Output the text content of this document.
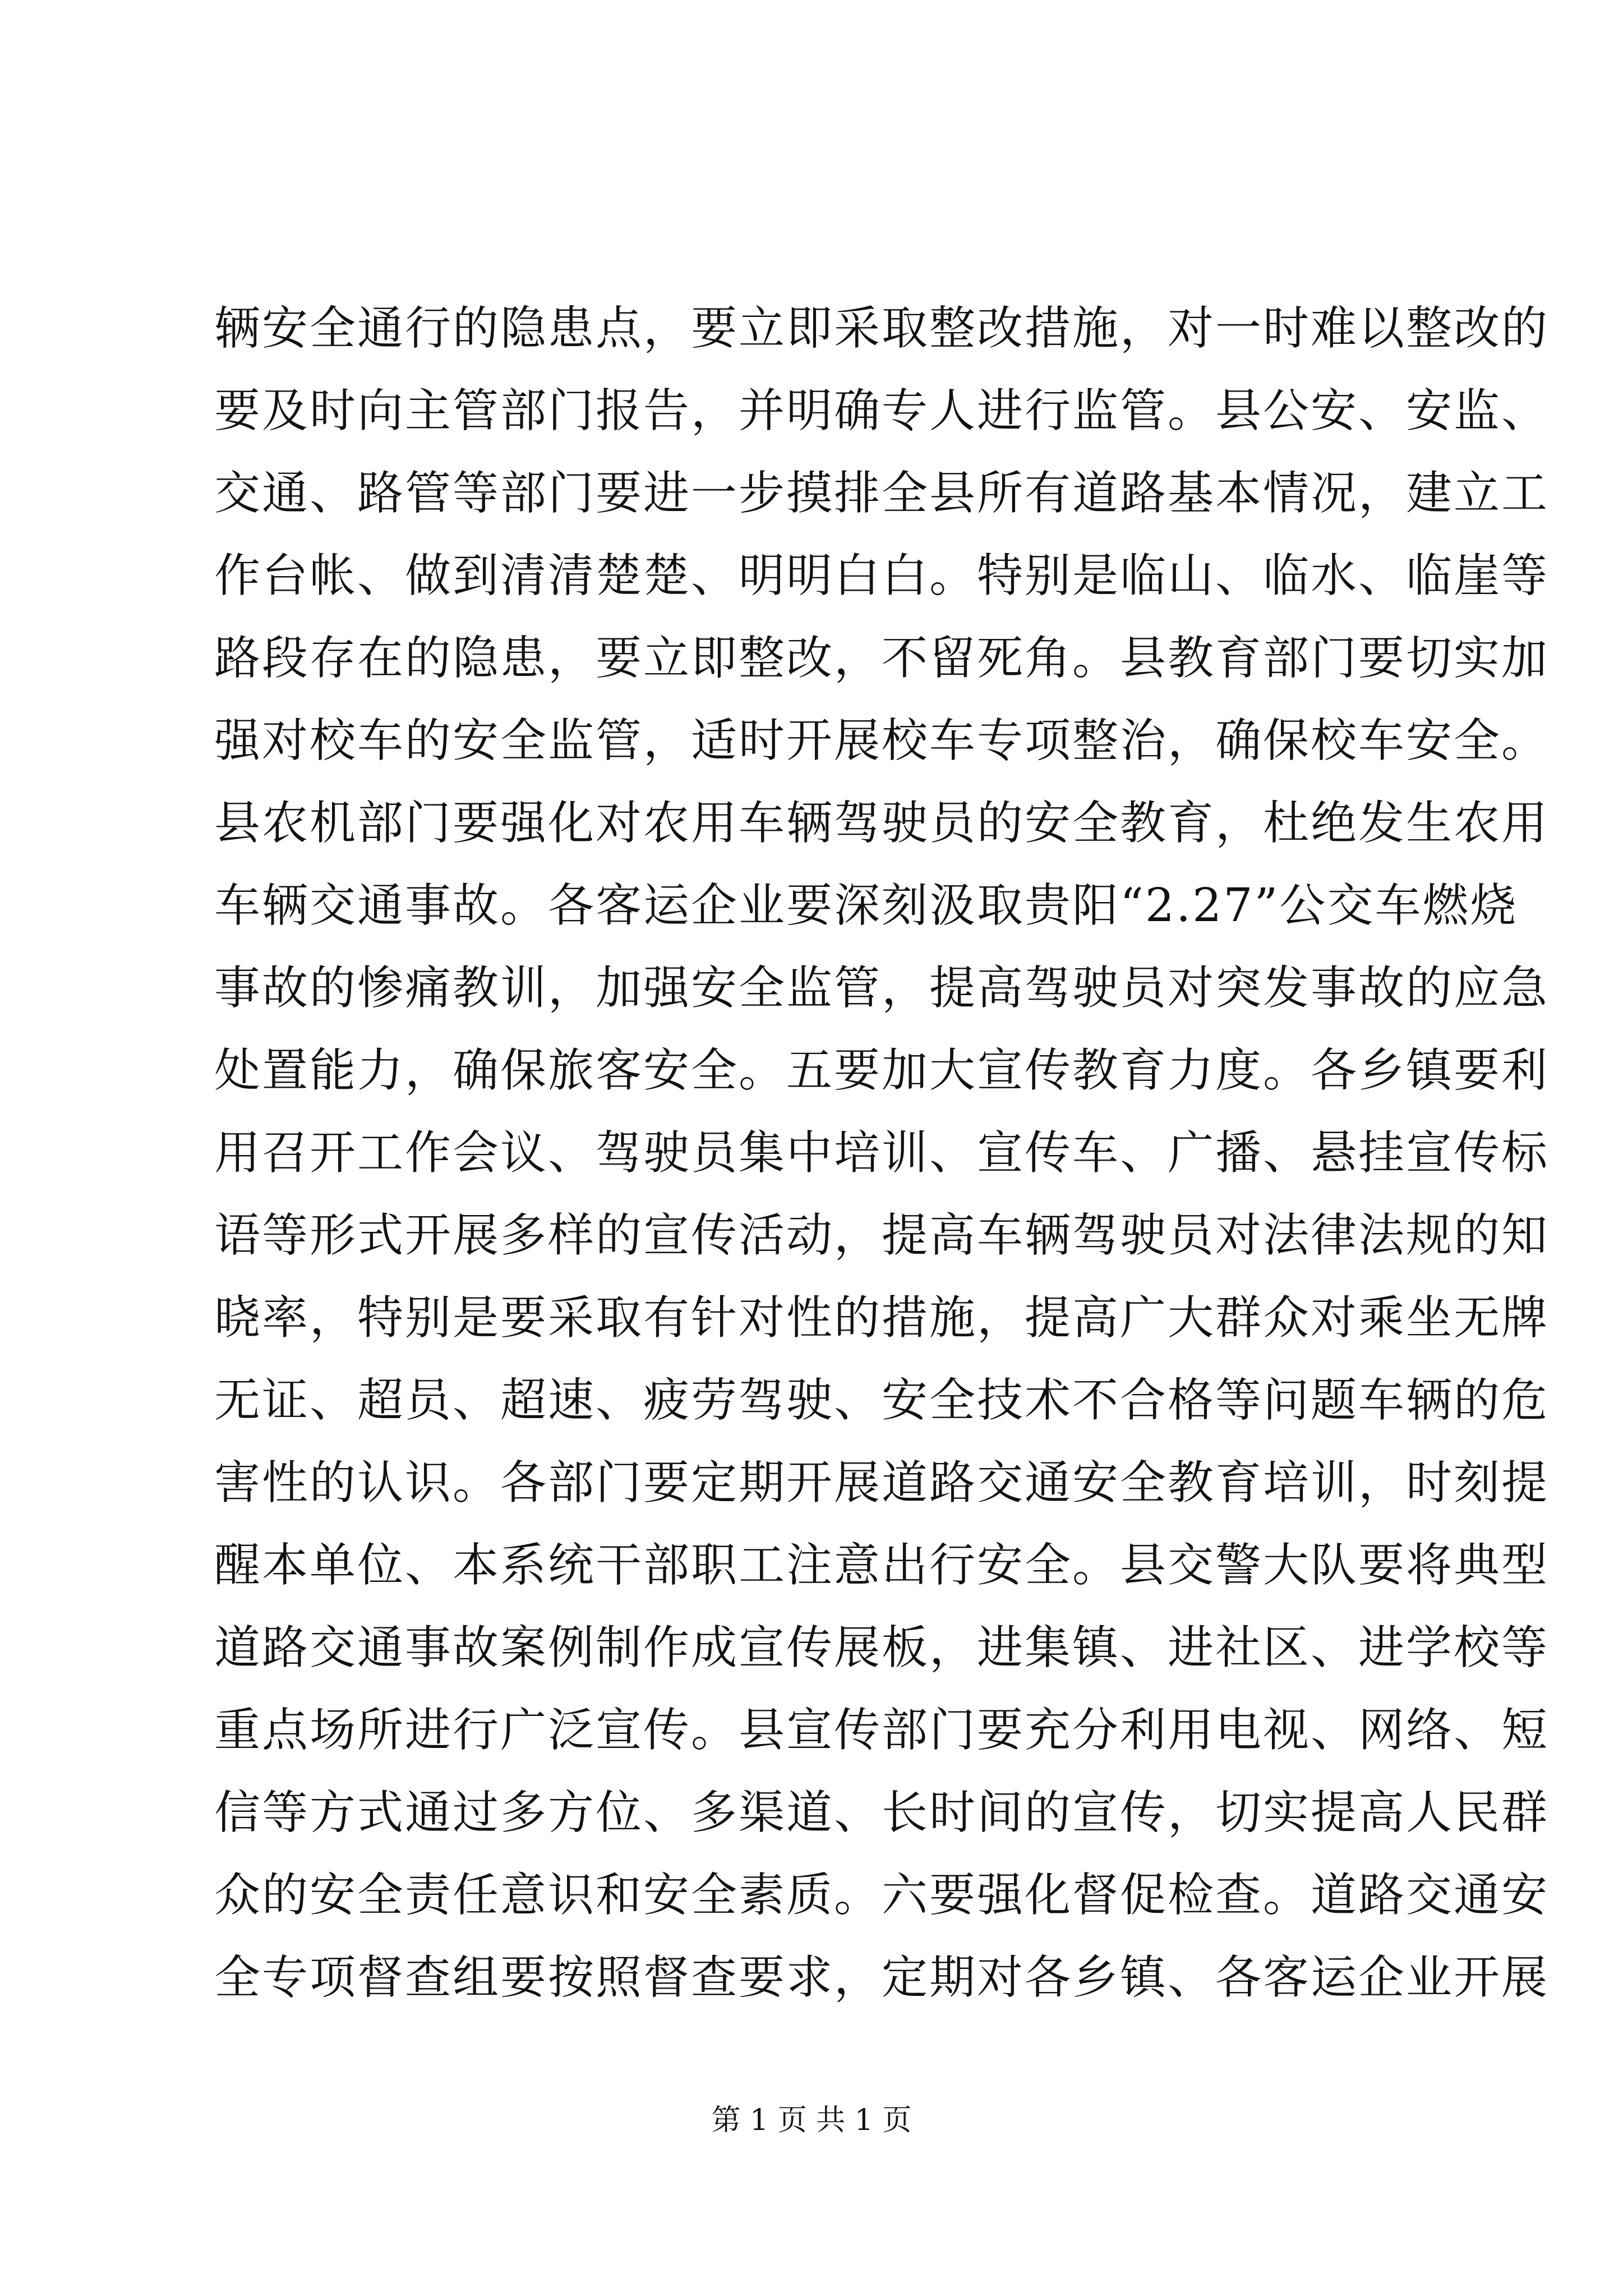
辆安全通行的隐患点，要立即采取整改措施，对一时难以整改的
要及时向主管部门报告，并明确专人进行监管。县公安、安监、
交通、路管等部门要进一步摸排全县所有道路基本情况，建立工
作台帐、做到清清楚楚、明明白白。特别是临山、临水、临崖等
路段存在的隐患，要立即整改，不留死角。县教育部门要切实加
强对校车的安全监管，适时开展校车专项整治，确保校车安全。
县农机部门要强化对农用车辆驾驶员的安全教育，杜绝发生农用
车辆交通事故。各客运企业要深刻汲取贵阳“2.27”公交车燃烧
事故的惨痛教训，加强安全监管，提高驾驶员对突发事故的应急
处置能力，确保旅客安全。五要加大宣传教育力度。各乡镇要利
用召开工作会议、驾驶员集中培训、宣传车、广播、悬挂宣传标
语等形式开展多样的宣传活动，提高车辆驾驶员对法律法规的知
晓率，特别是要采取有针对性的措施，提高广大群众对乘坐无牌
无证、超员、超速、疲劳驾驶、安全技术不合格等问题车辆的危
害性的认识。各部门要定期开展道路交通安全教育培训，时刻提
醒本单位、本系统干部职工注意出行安全。县交警大队要将典型
道路交通事故案例制作成宣传展板，进集镇、进社区、进学校等
重点场所进行广泛宣传。县宣传部门要充分利用电视、网络、短
信等方式通过多方位、多渠道、长时间的宣传，切实提高人民群
众的安全责任意识和安全素质。六要强化督促检查。道路交通安
全专项督查组要按照督查要求，定期对各乡镇、各客运企业开展
第 1 页 共 1 页
